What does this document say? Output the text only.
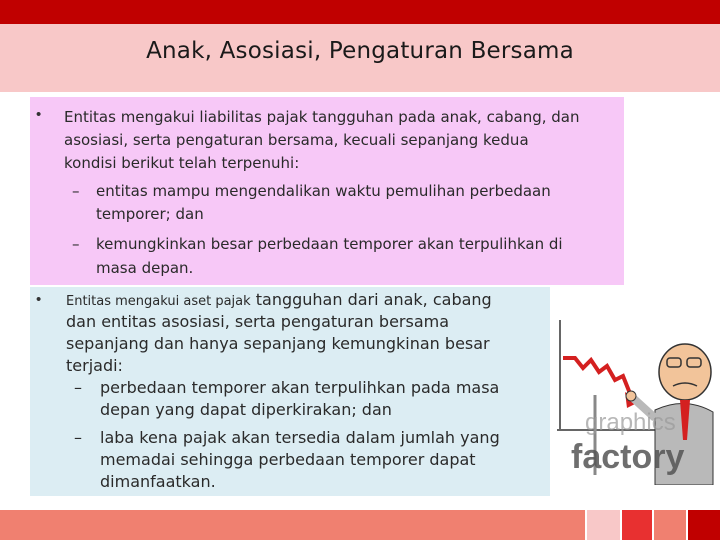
Anak, Asosiasi, Pengaturan Bersama
• Entitas mengakui liabilitas pajak tangguhan pada anak, cabang, dan
asosiasi, serta pengaturan bersama, kecuali sepanjang kedua
kondisi berikut telah terpenuhi:
– entitas mampu mengendalikan waktu pemulihan perbedaan
temporer; dan
– kemungkinkan besar perbedaan temporer akan terpulihkan di
masa depan.
• Entitas mengakui aset pajak tangguhan dari anak, cabang
dan entitas asosiasi, serta pengaturan bersama
sepanjang dan hanya sepanjang kemungkinan besar
terjadi:
– perbedaan temporer akan terpulihkan pada masa
depan yang dapat diperkirakan; dan
– laba kena pajak akan tersedia dalam jumlah yang
memadai sehingga perbedaan temporer dapat
dimanfaatkan.
graphics
factory
